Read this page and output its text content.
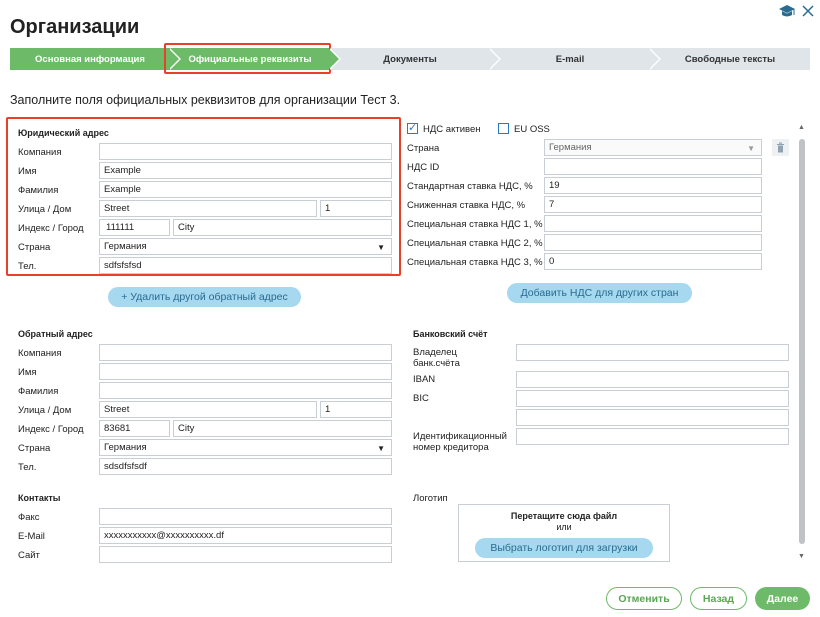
Организации
Основная информация	Официальные реквизиты	Документы	E-mail	Свободные тексты
Заполните поля официальных реквизитов для организации Тест 3.
Юридический адрес
Компания
Имя	Example
Фамилия	Example
Улица / Дом	Street	1
Индекс / Город	111111	City
Страна	Германия	▼
Тел.	sdfsfsfsd
+ Удалить другой обратный адрес
Обратный адрес
Компания
Имя
Фамилия
Улица / Дом	Street	1
Индекс / Город	83681	City
Страна	Германия	▼
Тел.	sdsdfsfsdf
Контакты
Факс
E-Mail	xxxxxxxxxxx@xxxxxxxxxx.df
Сайт
✓
НДС активен	EU OSS
Страна	Германия	▼
НДС ID
Стандартная ставка НДС, %	19
Сниженная ставка НДС, %	7
Специальная ставка НДС 1, %
Специальная ставка НДС 2, %
Специальная ставка НДС 3, % 0
Добавить НДС для других стран
Банковский счёт
Владелец
банк.счёта
IBAN
BIC
Идентификационный
номер кредитора
Логотип
Перетащите сюда файл
или
Выбрать логотип для загрузки
▲
▼
Отменить	Назад	Далее
